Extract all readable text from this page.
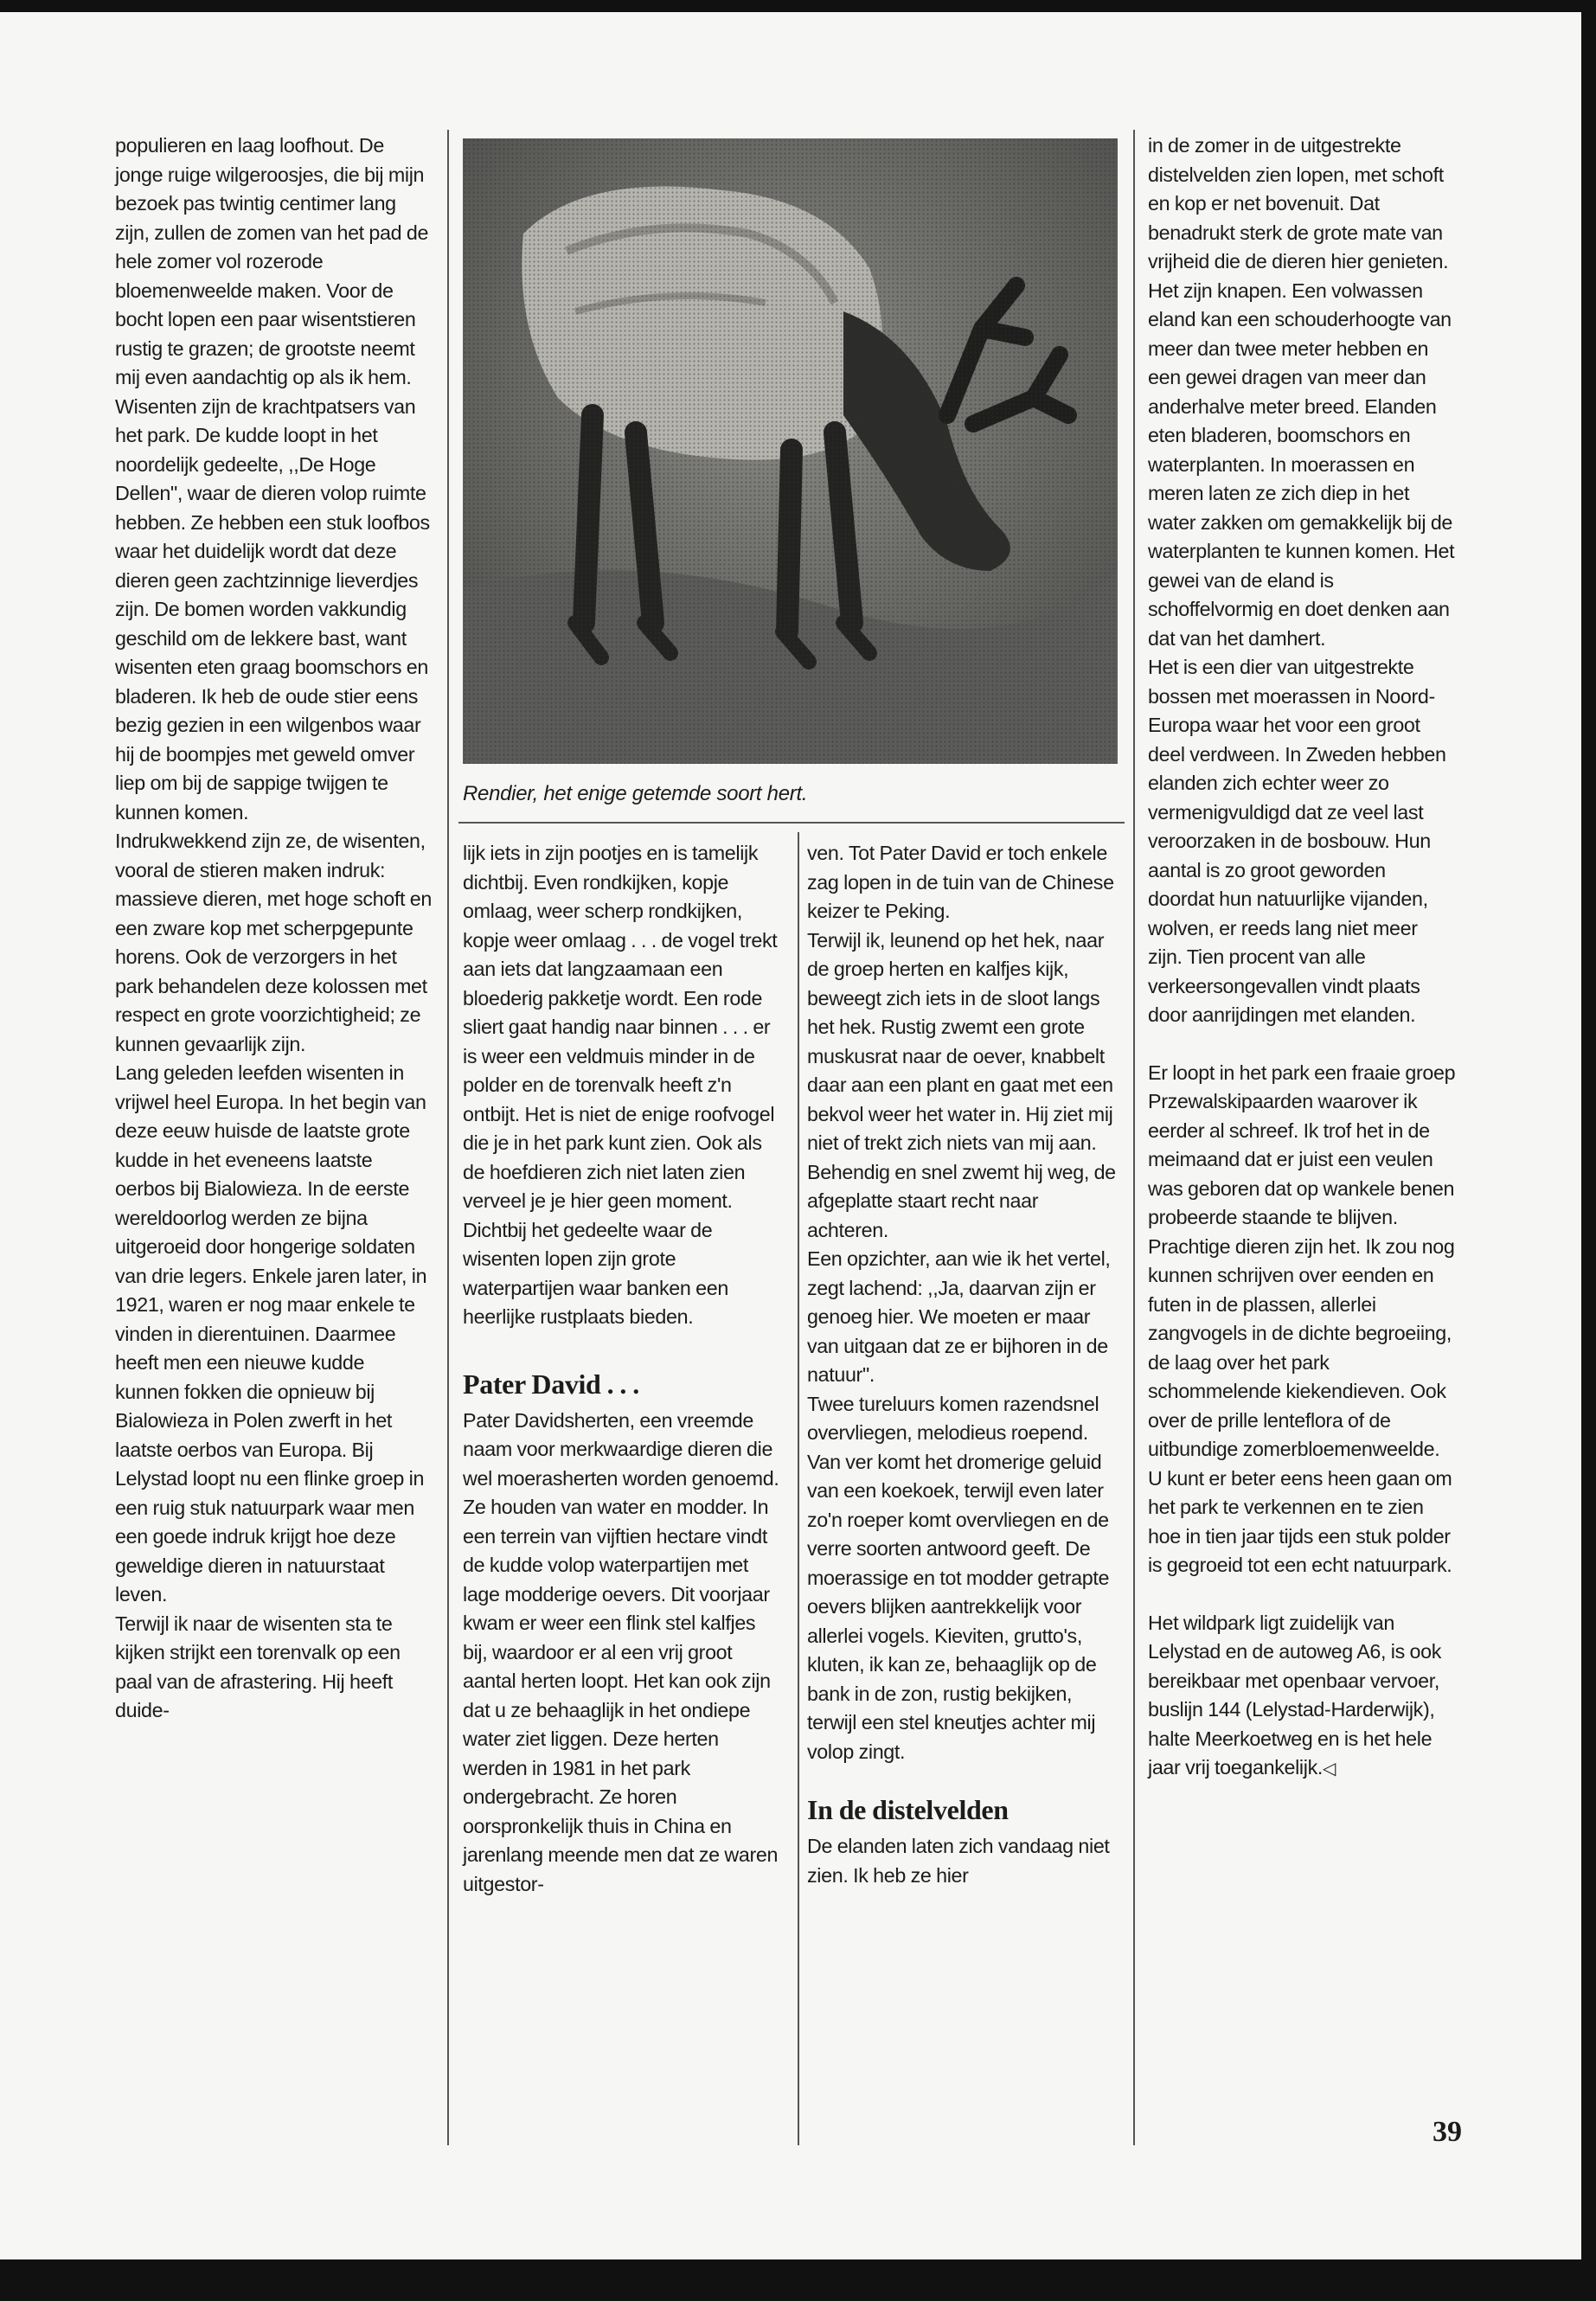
populieren en laag loofhout. De jonge ruige wilgeroosjes, die bij mijn bezoek pas twintig centimer lang zijn, zullen de zomen van het pad de hele zomer vol rozerode bloemenweelde maken. Voor de bocht lopen een paar wisentstieren rustig te grazen; de grootste neemt mij even aandachtig op als ik hem.

Wisenten zijn de krachtpatsers van het park. De kudde loopt in het noordelijk gedeelte, ,,De Hoge Dellen", waar de dieren volop ruimte hebben. Ze hebben een stuk loofbos waar het duidelijk wordt dat deze dieren geen zachtzinnige lieverdjes zijn. De bomen worden vakkundig geschild om de lekkere bast, want wisenten eten graag boomschors en bladeren. Ik heb de oude stier eens bezig gezien in een wilgenbos waar hij de boompjes met geweld omver liep om bij de sappige twijgen te kunnen komen.

Indrukwekkend zijn ze, de wisenten, vooral de stieren maken indruk: massieve dieren, met hoge schoft en een zware kop met scherpgepunte horens. Ook de verzorgers in het park behandelen deze kolossen met respect en grote voorzichtigheid; ze kunnen gevaarlijk zijn.

Lang geleden leefden wisenten in vrijwel heel Europa. In het begin van deze eeuw huisde de laatste grote kudde in het eveneens laatste oerbos bij Bialowieza. In de eerste wereldoorlog werden ze bijna uitgeroeid door hongerige soldaten van drie legers. Enkele jaren later, in 1921, waren er nog maar enkele te vinden in dierentuinen. Daarmee heeft men een nieuwe kudde kunnen fokken die opnieuw bij Bialowieza in Polen zwerft in het laatste oerbos van Europa. Bij Lelystad loopt nu een flinke groep in een ruig stuk natuurpark waar men een goede indruk krijgt hoe deze geweldige dieren in natuurstaat leven.

Terwijl ik naar de wisenten sta te kijken strijkt een torenvalk op een paal van de afrastering. Hij heeft duide-

Rendier, het enige getemde soort hert.

lijk iets in zijn pootjes en is tamelijk dichtbij. Even rondkijken, kopje omlaag, weer scherp rondkijken, kopje weer omlaag . . . de vogel trekt aan iets dat langzaamaan een bloederig pakketje wordt. Een rode sliert gaat handig naar binnen . . . er is weer een veldmuis minder in de polder en de torenvalk heeft z'n ontbijt. Het is niet de enige roofvogel die je in het park kunt zien. Ook als de hoefdieren zich niet laten zien verveel je je hier geen moment. Dichtbij het gedeelte waar de wisenten lopen zijn grote waterpartijen waar banken een heerlijke rustplaats bieden.

Pater David . . .

Pater Davidsherten, een vreemde naam voor merkwaardige dieren die wel moerasherten worden genoemd. Ze houden van water en modder. In een terrein van vijftien hectare vindt de kudde volop waterpartijen met lage modderige oevers. Dit voorjaar kwam er weer een flink stel kalfjes bij, waardoor er al een vrij groot aantal herten loopt. Het kan ook zijn dat u ze behaaglijk in het ondiepe water ziet liggen. Deze herten werden in 1981 in het park ondergebracht. Ze horen oorspronkelijk thuis in China en jarenlang meende men dat ze waren uitgestor-

ven. Tot Pater David er toch enkele zag lopen in de tuin van de Chinese keizer te Peking.

Terwijl ik, leunend op het hek, naar de groep herten en kalfjes kijk, beweegt zich iets in de sloot langs het hek. Rustig zwemt een grote muskusrat naar de oever, knabbelt daar aan een plant en gaat met een bekvol weer het water in. Hij ziet mij niet of trekt zich niets van mij aan. Behendig en snel zwemt hij weg, de afgeplatte staart recht naar achteren.

Een opzichter, aan wie ik het vertel, zegt lachend: ,,Ja, daarvan zijn er genoeg hier. We moeten er maar van uitgaan dat ze er bijhoren in de natuur".

Twee tureluurs komen razendsnel overvliegen, melodieus roepend. Van ver komt het dromerige geluid van een koekoek, terwijl even later zo'n roeper komt overvliegen en de verre soorten antwoord geeft. De moerassige en tot modder getrapte oevers blijken aantrekkelijk voor allerlei vogels. Kieviten, grutto's, kluten, ik kan ze, behaaglijk op de bank in de zon, rustig bekijken, terwijl een stel kneutjes achter mij volop zingt.

In de distelvelden

De elanden laten zich vandaag niet zien. Ik heb ze hier

in de zomer in de uitgestrekte distelvelden zien lopen, met schoft en kop er net bovenuit. Dat benadrukt sterk de grote mate van vrijheid die de dieren hier genieten. Het zijn knapen. Een volwassen eland kan een schouderhoogte van meer dan twee meter hebben en een gewei dragen van meer dan anderhalve meter breed. Elanden eten bladeren, boomschors en waterplanten. In moerassen en meren laten ze zich diep in het water zakken om gemakkelijk bij de waterplanten te kunnen komen. Het gewei van de eland is schoffelvormig en doet denken aan dat van het damhert.

Het is een dier van uitgestrekte bossen met moerassen in Noord-Europa waar het voor een groot deel verdween. In Zweden hebben elanden zich echter weer zo vermenigvuldigd dat ze veel last veroorzaken in de bosbouw. Hun aantal is zo groot geworden doordat hun natuurlijke vijanden, wolven, er reeds lang niet meer zijn. Tien procent van alle verkeersongevallen vindt plaats door aanrijdingen met elanden.

Er loopt in het park een fraaie groep Przewalskipaarden waarover ik eerder al schreef. Ik trof het in de meimaand dat er juist een veulen was geboren dat op wankele benen probeerde staande te blijven. Prachtige dieren zijn het. Ik zou nog kunnen schrijven over eenden en futen in de plassen, allerlei zangvogels in de dichte begroeiing, de laag over het park schommelende kiekendieven. Ook over de prille lenteflora of de uitbundige zomerbloemenweelde. U kunt er beter eens heen gaan om het park te verkennen en te zien hoe in tien jaar tijds een stuk polder is gegroeid tot een echt natuurpark.

Het wildpark ligt zuidelijk van Lelystad en de autoweg A6, is ook bereikbaar met openbaar vervoer, buslijn 144 (Lelystad-Harderwijk), halte Meerkoetweg en is het hele jaar vrij toegankelijk.◁

39
